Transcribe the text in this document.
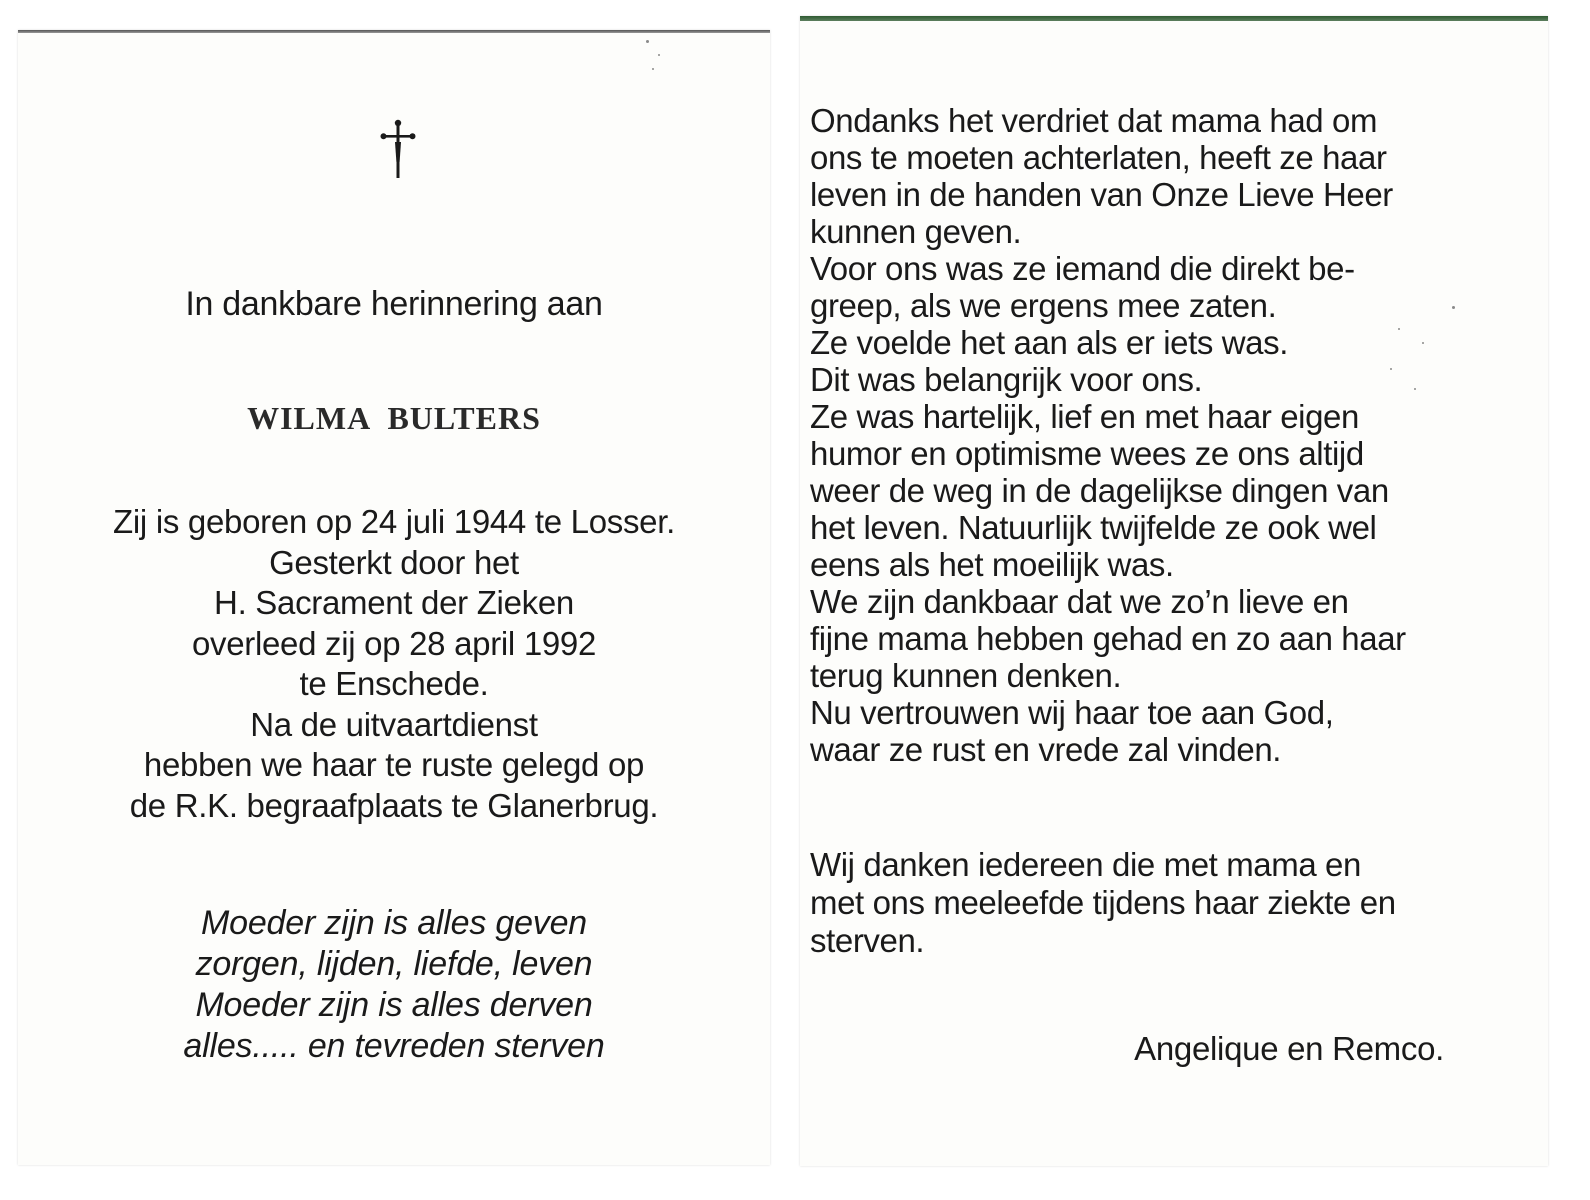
In dankbare herinnering aan
WILMA  BULTERS
Zij is geboren op 24 juli 1944 te Losser.
Gesterkt door het
H. Sacrament der Zieken
overleed zij op 28 april 1992
te Enschede.
Na de uitvaartdienst
hebben we haar te ruste gelegd op
de R.K. begraafplaats te Glanerbrug.
Moeder zijn is alles geven
zorgen, lijden, liefde, leven
Moeder zijn is alles derven
alles..... en tevreden sterven
Ondanks het verdriet dat mama had om
ons te moeten achterlaten, heeft ze haar
leven in de handen van Onze Lieve Heer
kunnen geven.
Voor ons was ze iemand die direkt be-
greep, als we ergens mee zaten.
Ze voelde het aan als er iets was.
Dit was belangrijk voor ons.
Ze was hartelijk, lief en met haar eigen
humor en optimisme wees ze ons altijd
weer de weg in de dagelijkse dingen van
het leven. Natuurlijk twijfelde ze ook wel
eens als het moeilijk was.
We zijn dankbaar dat we zo’n lieve en
fijne mama hebben gehad en zo aan haar
terug kunnen denken.
Nu vertrouwen wij haar toe aan God,
waar ze rust en vrede zal vinden.
Wij danken iedereen die met mama en
met ons meeleefde tijdens haar ziekte en
sterven.
Angelique en Remco.
